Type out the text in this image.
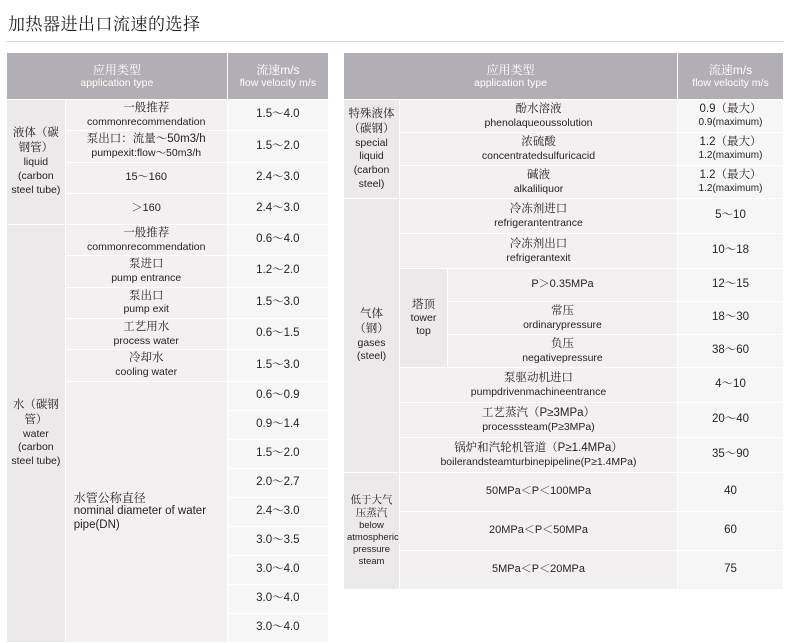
加热器进出口流速的选择
应用类型
application type		流速m/s
flow velocity m/s

液体（碳钢管）
liquid (carbon steel tube)	一般推荐
commonrecommendation	1.5～4.0

	泵出口：流量～50m3/h
pumpexit:flow～50m3/h	1.5～2.0
	15～160	2.4～3.0
	＞160	2.4～3.0

水（碳钢管）
water (carbon steel tube)	一般推荐
commonrecommendation	0.6～4.0

	泵进口
pump entrance	1.2～2.0

	泵出口
pump exit	1.5～3.0

	工艺用水
process water	0.6～1.5

	冷却水
cooling water	1.5～3.0

	水管公称直径
nominal diameter of water pipe(DN)	0.6～0.9
		0.9～1.4
		1.5～2.0
		2.0～2.7
		2.4～3.0
		3.0～3.5
		3.0～4.0
		3.0～4.0
		3.0～4.0
应用类型
application type			流速m/s
flow velocity m/s

特殊液体（碳钢）
special liquid (carbon steel)	酚水溶液
phenolaqueoussolution		0.9（最大）
0.9(maximum)

	浓硫酸
concentratedsulfuricacid		1.2（最大）
1.2(maximum)

	碱液
alkaliliquor		1.2（最大）
1.2(maximum)

气体（钢）
gases (steel)	冷冻剂进口
refrigerantentrance		5～10

	冷冻剂出口
refrigerantexit		10～18

	塔顶
tower top	P＞0.35MPa	12～15

		常压
ordinarypressure	18～30

		负压
negativepressure	38～60

	泵驱动机进口
pumpdrivenmachineentrance		4～10

	工艺蒸汽（P≥3MPa）
processsteam(P≥3MPa)		20～40

	锅炉和汽轮机管道（P≥1.4MPa）
boilerandsteamturbinepipeline(P≥1.4MPa)		35～90

低于大气压蒸汽
below atmospheric pressure steam	50MPa＜P＜100MPa		40
	20MPa＜P＜50MPa		60
	5MPa＜P＜20MPa		75
